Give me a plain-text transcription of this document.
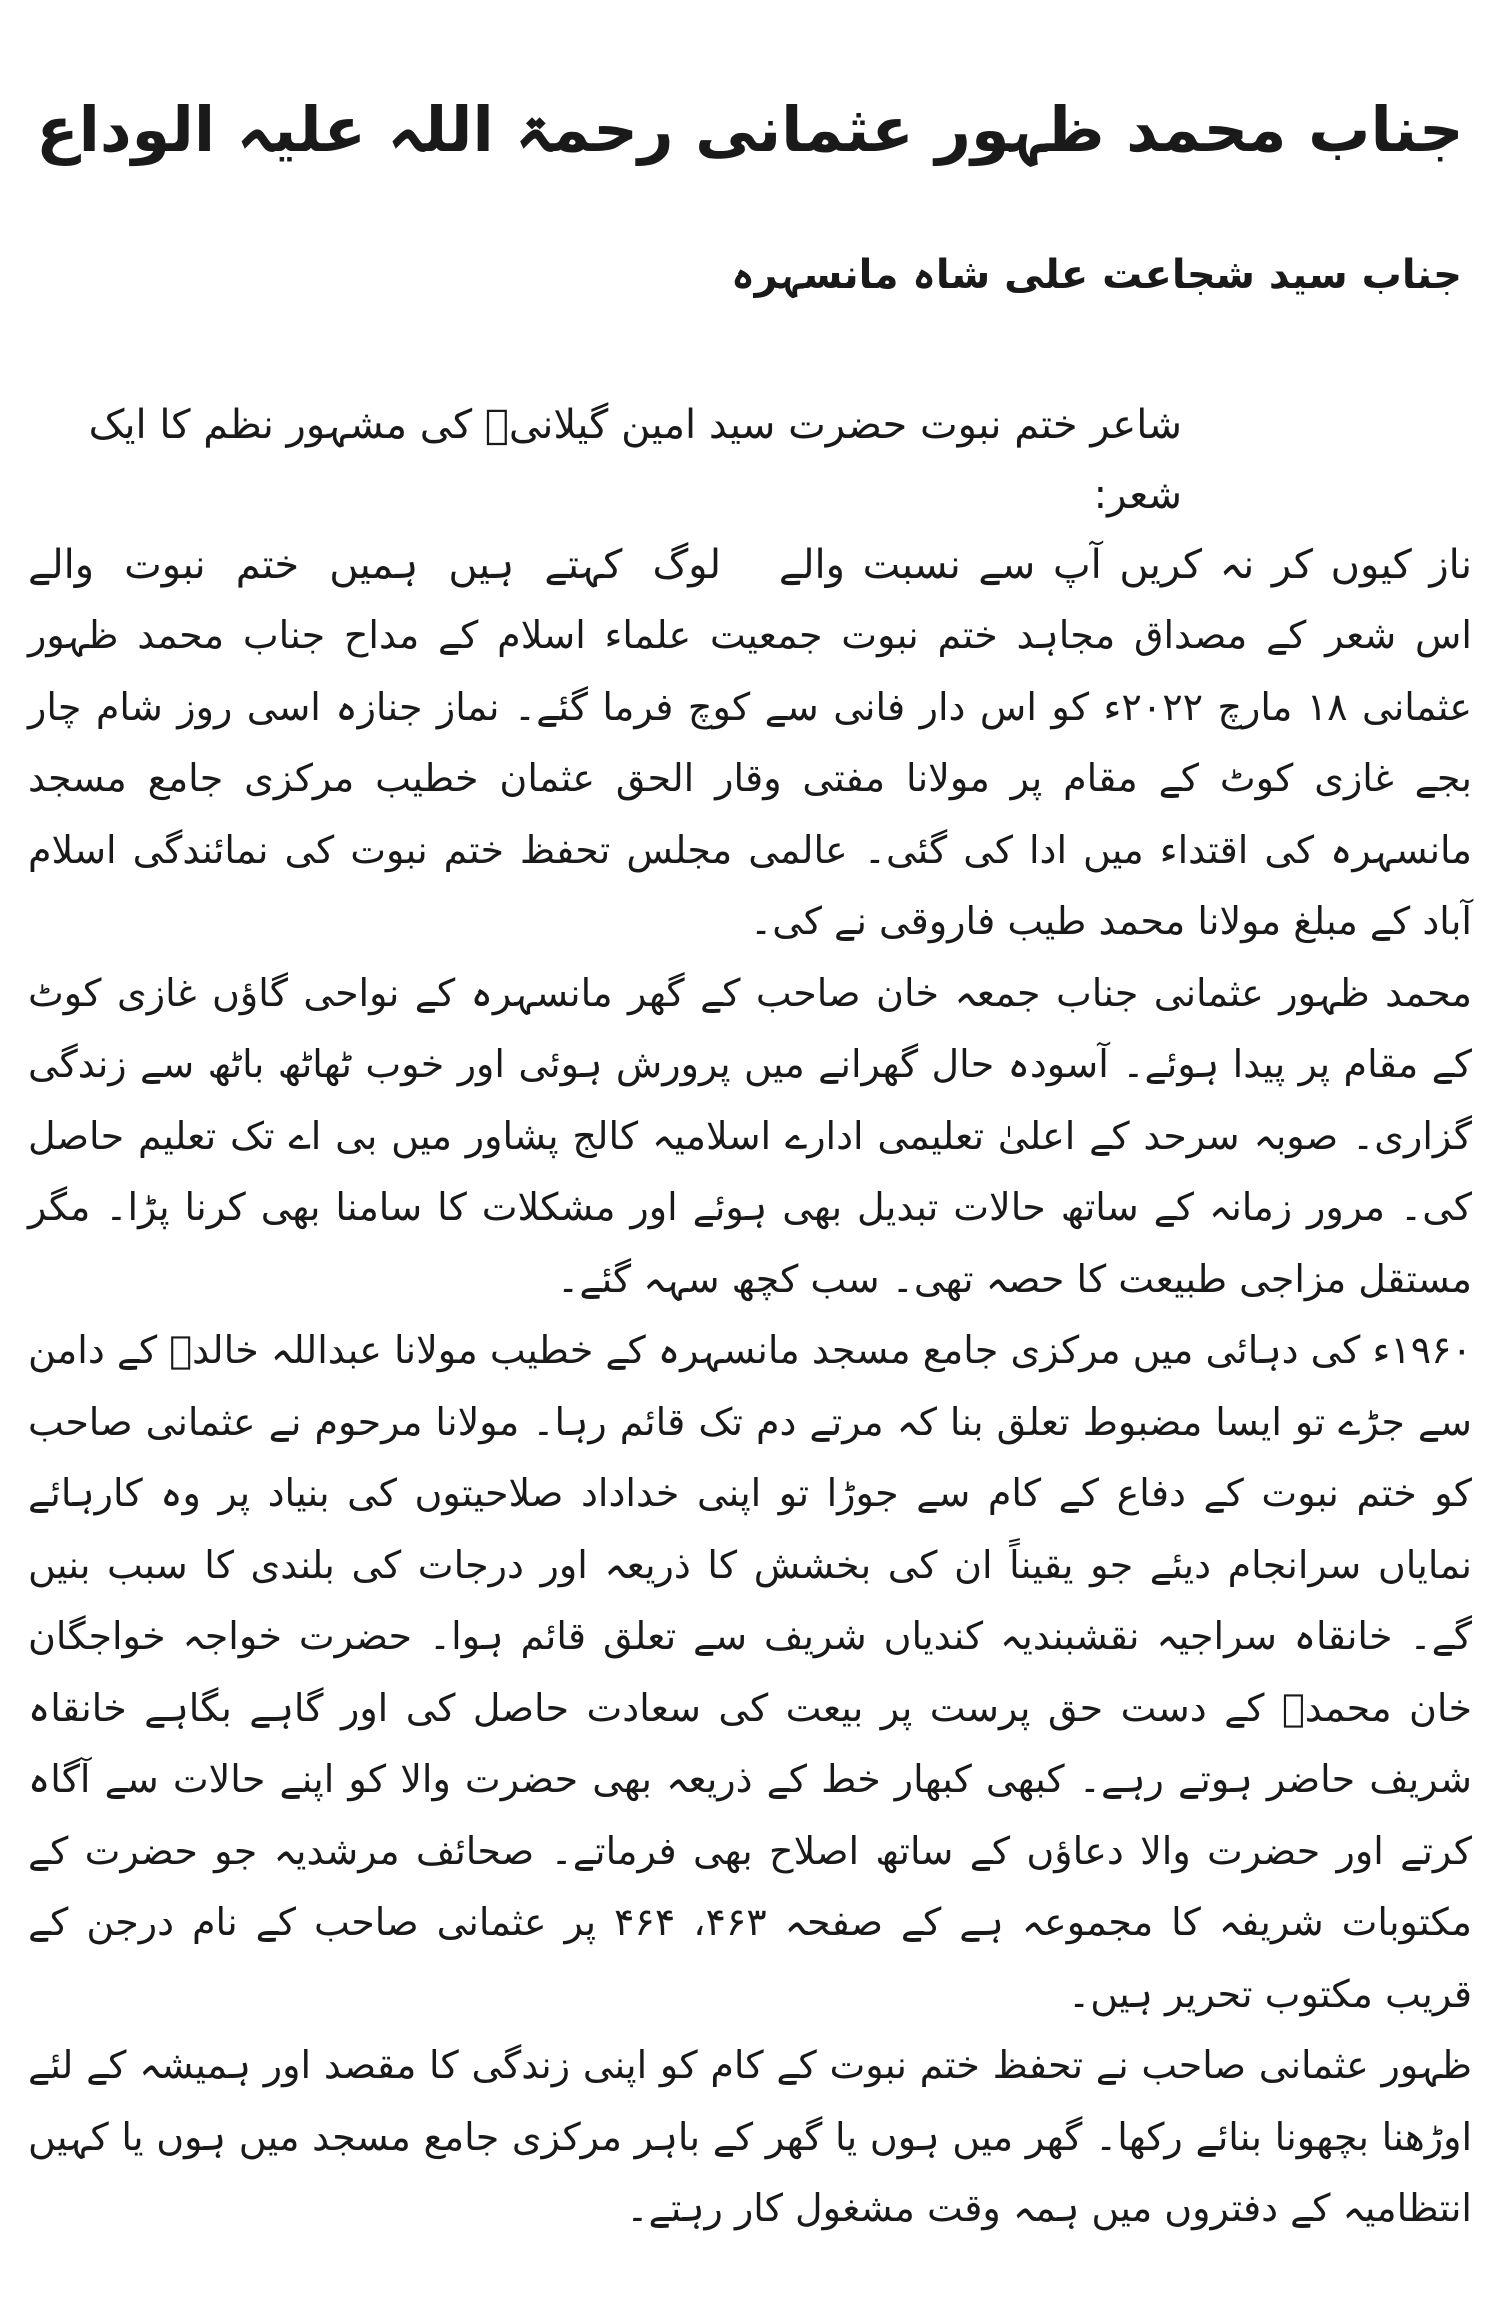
جناب محمد ظہور عثمانی رحمۃ اللہ علیہ الوداع
جناب سید شجاعت علی شاہ مانسہرہ

شاعر ختم نبوت حضرت سید امین گیلانیؒ کی مشہور نظم کا ایک شعر:

ناز کیوں کر نہ کریں آپ سے نسبت والے
لوگ کہتے ہیں ہمیں ختم نبوت والے

اس شعر کے مصداق مجاہد ختم نبوت جمعیت علماء اسلام کے مداح جناب محمد ظہور عثمانی ۱۸ مارچ ۲۰۲۲ء کو اس دار فانی سے کوچ فرما گئے۔ نماز جنازہ اسی روز شام چار بجے غازی کوٹ کے مقام پر مولانا مفتی وقار الحق عثمان خطیب مرکزی جامع مسجد مانسہرہ کی اقتداء میں ادا کی گئی۔ عالمی مجلس تحفظ ختم نبوت کی نمائندگی اسلام آباد کے مبلغ مولانا محمد طیب فاروقی نے کی۔

محمد ظہور عثمانی جناب جمعہ خان صاحب کے گھر مانسہرہ کے نواحی گاؤں غازی کوٹ کے مقام پر پیدا ہوئے۔ آسودہ حال گھرانے میں پرورش ہوئی اور خوب ٹھاٹھ باٹھ سے زندگی گزاری۔ صوبہ سرحد کے اعلیٰ تعلیمی ادارے اسلامیہ کالج پشاور میں بی اے تک تعلیم حاصل کی۔ مرور زمانہ کے ساتھ حالات تبدیل بھی ہوئے اور مشکلات کا سامنا بھی کرنا پڑا۔ مگر مستقل مزاجی طبیعت کا حصہ تھی۔ سب کچھ سہہ گئے۔

۱۹۶۰ء کی دہائی میں مرکزی جامع مسجد مانسہرہ کے خطیب مولانا عبداللہ خالدؒ کے دامن سے جڑے تو ایسا مضبوط تعلق بنا کہ مرتے دم تک قائم رہا۔ مولانا مرحوم نے عثمانی صاحب کو ختم نبوت کے دفاع کے کام سے جوڑا تو اپنی خداداد صلاحیتوں کی بنیاد پر وہ کارہائے نمایاں سرانجام دیئے جو یقیناً ان کی بخشش کا ذریعہ اور درجات کی بلندی کا سبب بنیں گے۔ خانقاہ سراجیہ نقشبندیہ کندیاں شریف سے تعلق قائم ہوا۔ حضرت خواجہ خواجگان خان محمدؒ کے دست حق پرست پر بیعت کی سعادت حاصل کی اور گاہے بگاہے خانقاہ شریف حاضر ہوتے رہے۔ کبھی کبھار خط کے ذریعہ بھی حضرت والا کو اپنے حالات سے آگاہ کرتے اور حضرت والا دعاؤں کے ساتھ اصلاح بھی فرماتے۔ صحائف مرشدیہ جو حضرت کے مکتوبات شریفہ کا مجموعہ ہے کے صفحہ ۴۶۳، ۴۶۴ پر عثمانی صاحب کے نام درجن کے قریب مکتوب تحریر ہیں۔

ظہور عثمانی صاحب نے تحفظ ختم نبوت کے کام کو اپنی زندگی کا مقصد اور ہمیشہ کے لئے اوڑھنا بچھونا بنائے رکھا۔ گھر میں ہوں یا گھر کے باہر مرکزی جامع مسجد میں ہوں یا کہیں انتظامیہ کے دفتروں میں ہمہ وقت مشغول کار رہتے۔
